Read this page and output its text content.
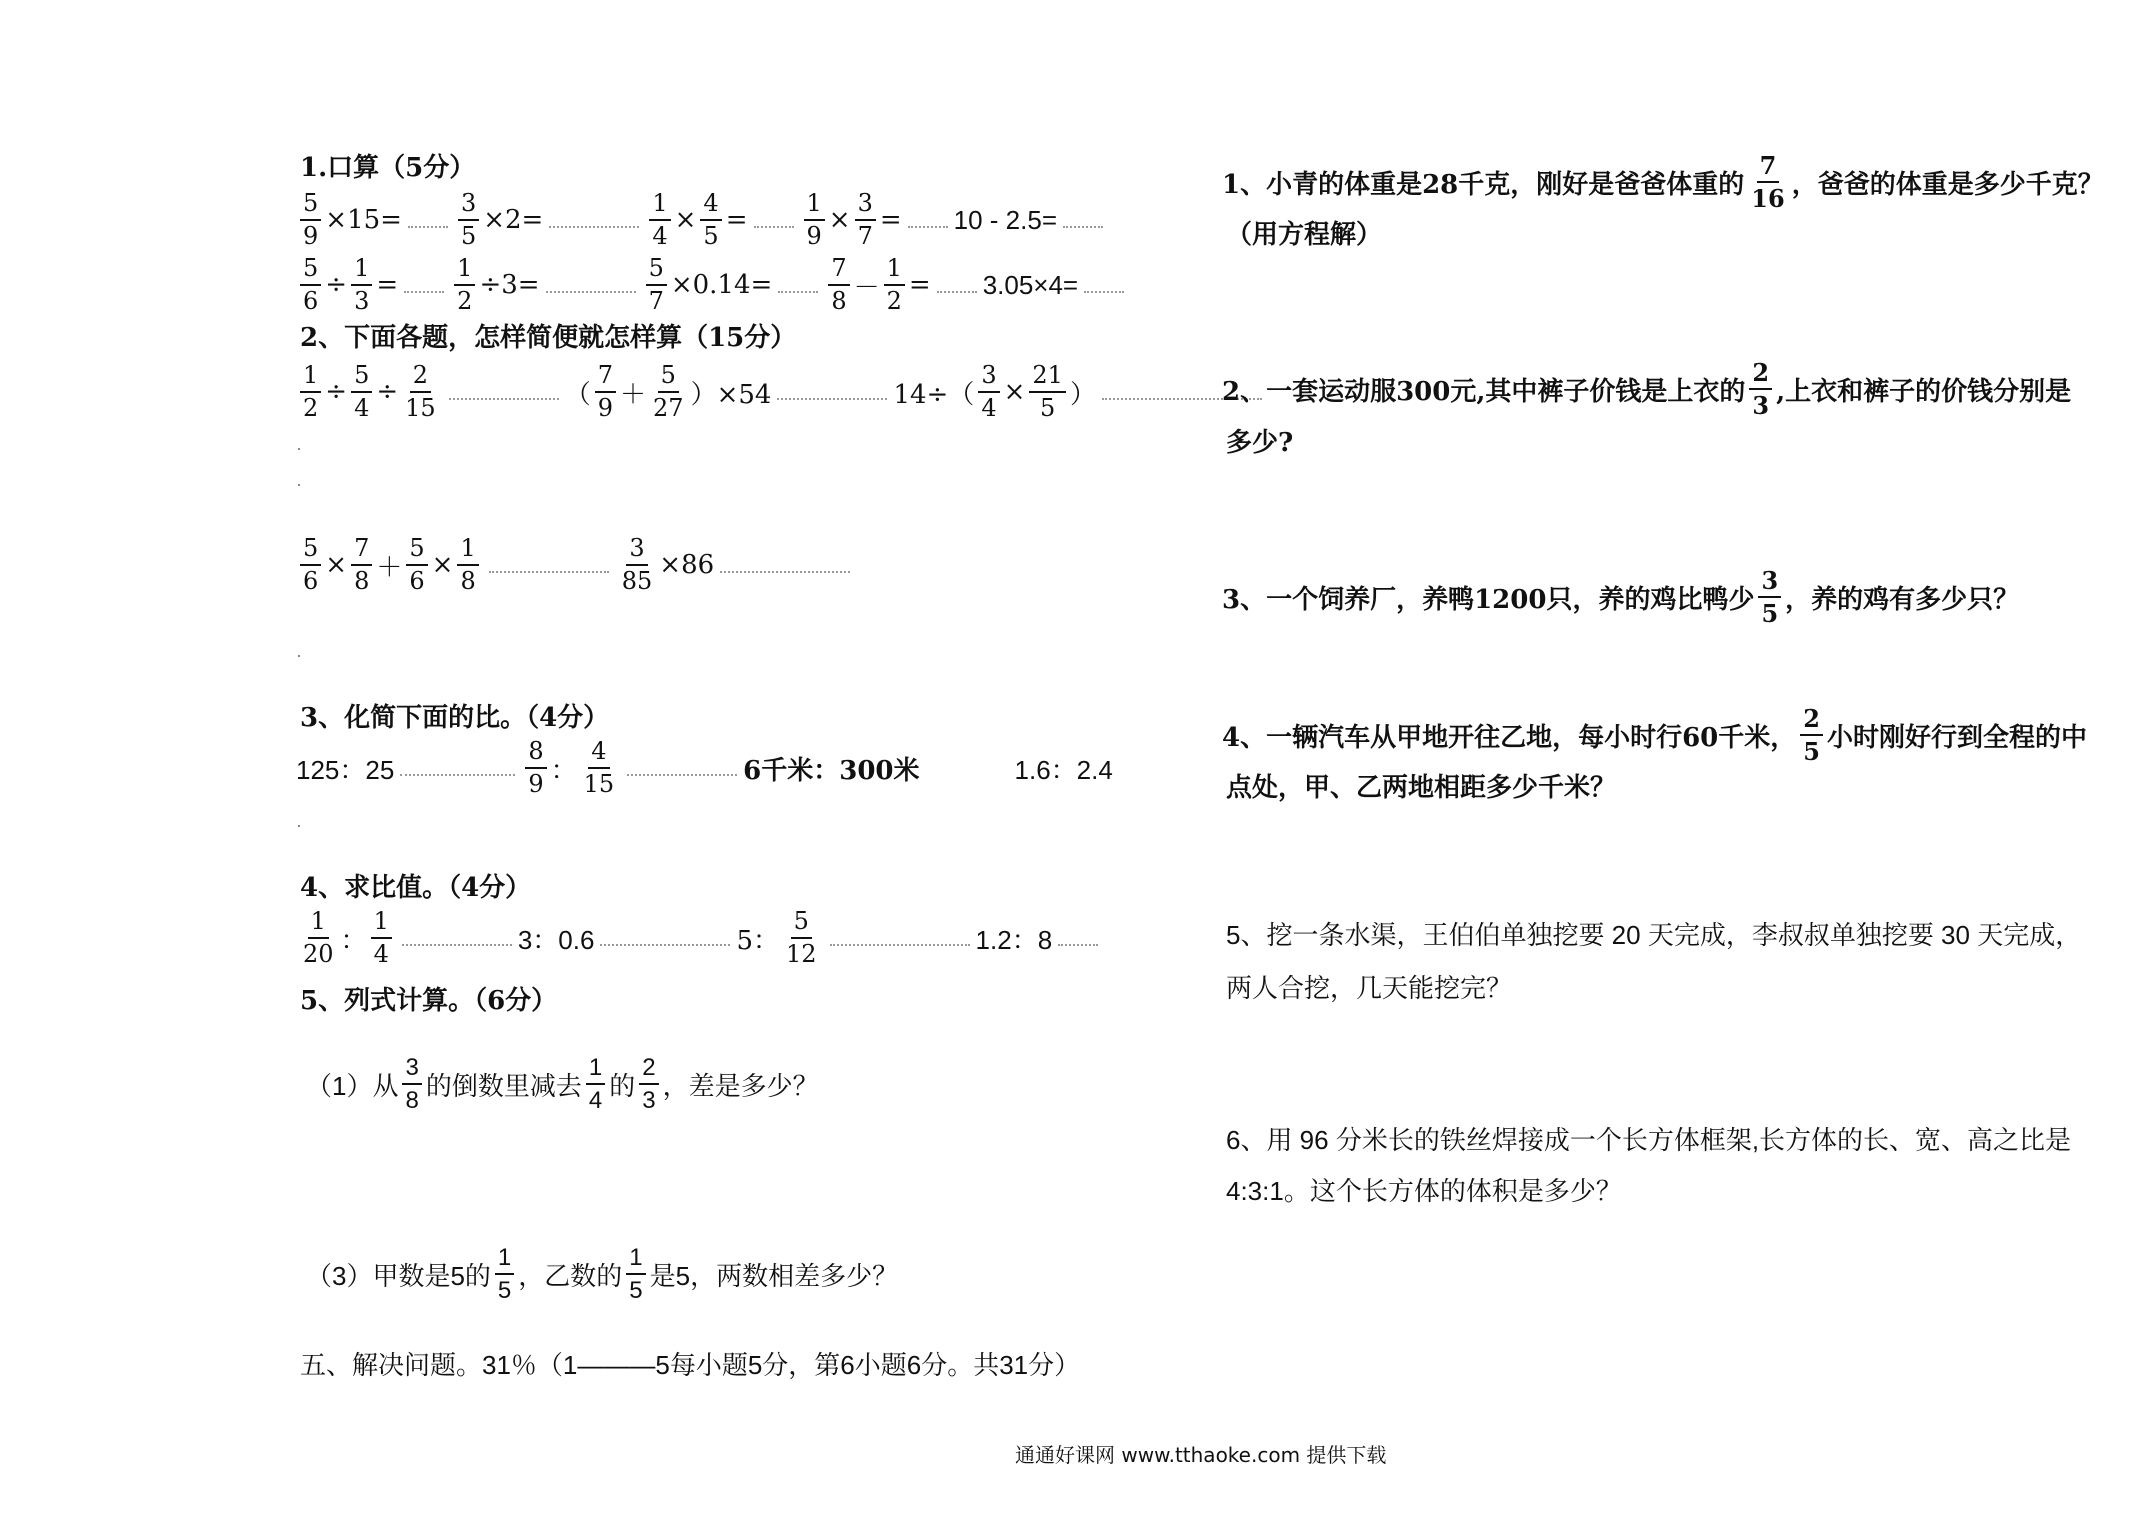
1.口算（5分）
$\frac{5}{9} \times 15= \frac{3}{5} \times 2=$	$\frac{1}{4} \times \frac{4}{5} = \frac{1}{9} \times \frac{3}{7} = 10 - 2.5=$
$\frac{5}{6} \div \frac{1}{3} = \frac{1}{2} \div 3=$	$\frac{5}{7} \times 0.14= \frac{7}{8} - \frac{1}{2} = 3.05\times 4=$
2、下面各题，怎样简便就怎样算（15分）
$\frac{1}{2} \div \frac{5}{4} \div \frac{2}{15}$	（ $\frac{7}{9} + \frac{5}{27} )\times 54$	$14\div( \frac{3}{4} \times \frac{21}{5}$ ）
$\frac{5}{6} \times \frac{7}{8} + \frac{5}{6} \times \frac{1}{8}$	$\frac{3}{85} \times 86$
3、化简下面的比。（4分）
125：25	$\frac{8}{9}$ ： $\frac{4}{15}$	6千米：300米	1.6：2.4
4、求比值。（4分）
$\frac{1}{20}$ ： $\frac{1}{4}$	3：0.6	5： $\frac{5}{12}$	1.2：8
5、列式计算。（6分）
（1）从 $\frac{3}{8}$ 的倒数里减去 $\frac{1}{4}$ 的 $\frac{2}{3}$ ，差是多少？
（3）甲数是5的 $\frac{1}{5}$ ，乙数的 $\frac{1}{5}$ 是5，两数相差多少？
五、解决问题。31％（1———5每小题5分，第6小题6分。共31分）
1、小青的体重是28千克，刚好是爸爸体重的 $\frac{7}{16}$ ，爸爸的体重是多少千克？
（用方程解）
2、一套运动服300元,其中裤子价钱是上衣的 $\frac{2}{3}$ ,上衣和裤子的价钱分别是
多少?
3、一个饲养厂，养鸭1200只，养的鸡比鸭少 $\frac{3}{5}$ ，养的鸡有多少只？
4、一辆汽车从甲地开往乙地，每小时行60千米， $\frac{2}{5}$ 小时刚好行到全程的中
点处，甲、乙两地相距多少千米？
5、挖一条水渠，王伯伯单独挖要 20 天完成，李叔叔单独挖要 30 天完成，
两人合挖，几天能挖完？
6、用 96 分米长的铁丝焊接成一个长方体框架,长方体的长、宽、高之比是
4:3:1。这个长方体的体积是多少？
通通好课网 www.tthaoke.com 提供下载
